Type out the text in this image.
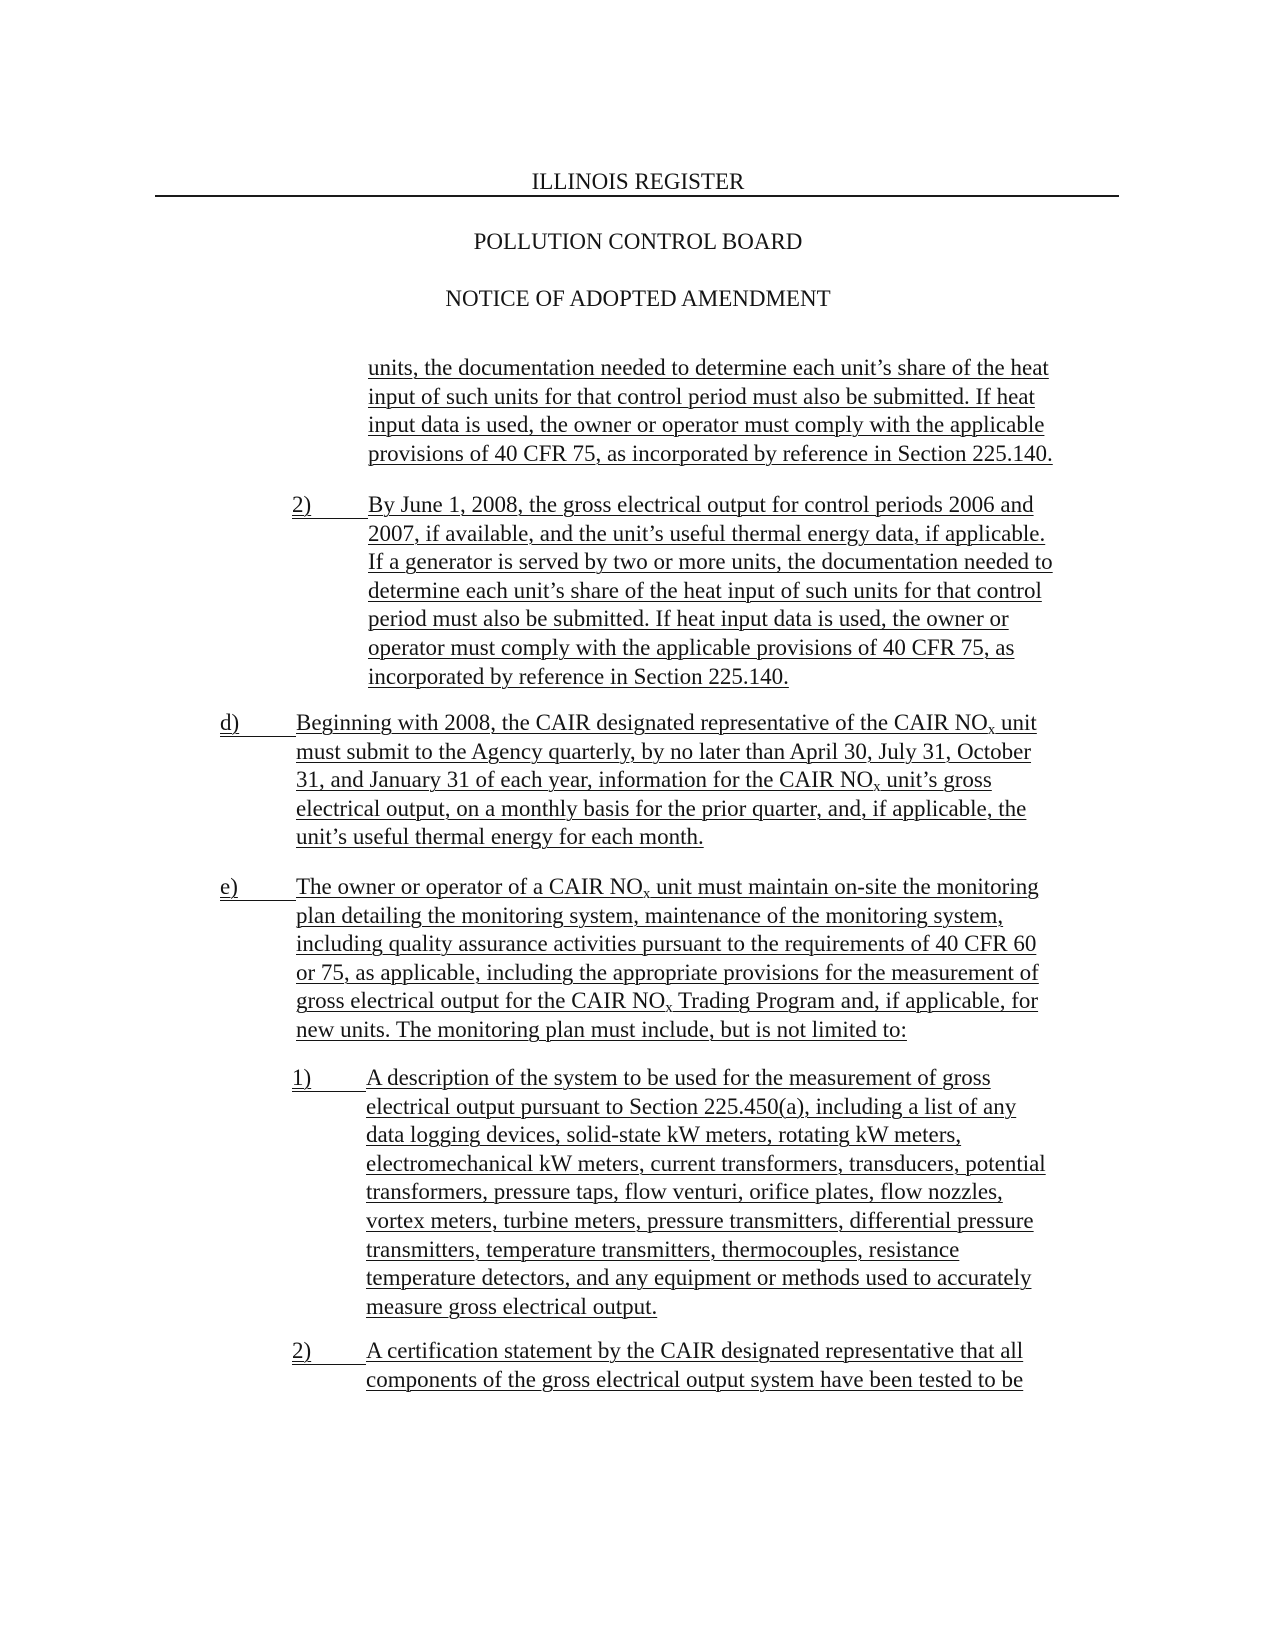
ILLINOIS REGISTER
POLLUTION CONTROL BOARD
NOTICE OF ADOPTED AMENDMENT
units, the documentation needed to determine each unit’s share of the heat
input of such units for that control period must also be submitted. If heat
input data is used, the owner or operator must comply with the applicable
provisions of 40 CFR 75, as incorporated by reference in Section 225.140.
2) By June 1, 2008, the gross electrical output for control periods 2006 and
2007, if available, and the unit’s useful thermal energy data, if applicable.
If a generator is served by two or more units, the documentation needed to
determine each unit’s share of the heat input of such units for that control
period must also be submitted. If heat input data is used, the owner or
operator must comply with the applicable provisions of 40 CFR 75, as
incorporated by reference in Section 225.140.
d) Beginning with 2008, the CAIR designated representative of the CAIR $NO_x$ unit
must submit to the Agency quarterly, by no later than April 30, July 31, October
31, and January 31 of each year, information for the CAIR $NO_x$ unit’s gross
electrical output, on a monthly basis for the prior quarter, and, if applicable, the
unit’s useful thermal energy for each month.
e)	The owner or operator of a CAIR $NO_x$ unit must maintain on-site the monitoring
plan detailing the monitoring system, maintenance of the monitoring system,
including quality assurance activities pursuant to the requirements of 40 CFR 60
or 75, as applicable, including the appropriate provisions for the measurement of
gross electrical output for the CAIR $NO_x$ Trading Program and, if applicable, for
new units. The monitoring plan must include, but is not limited to:
1) A description of the system to be used for the measurement of gross
electrical output pursuant to Section 225.450(a), including a list of any
data logging devices, solid-state kW meters, rotating kW meters,
electromechanical kW meters, current transformers, transducers, potential
transformers, pressure taps, flow venturi, orifice plates, flow nozzles,
vortex meters, turbine meters, pressure transmitters, differential pressure
transmitters, temperature transmitters, thermocouples, resistance
temperature detectors, and any equipment or methods used to accurately
measure gross electrical output.
2) A certification statement by the CAIR designated representative that all
components of the gross electrical output system have been tested to be
